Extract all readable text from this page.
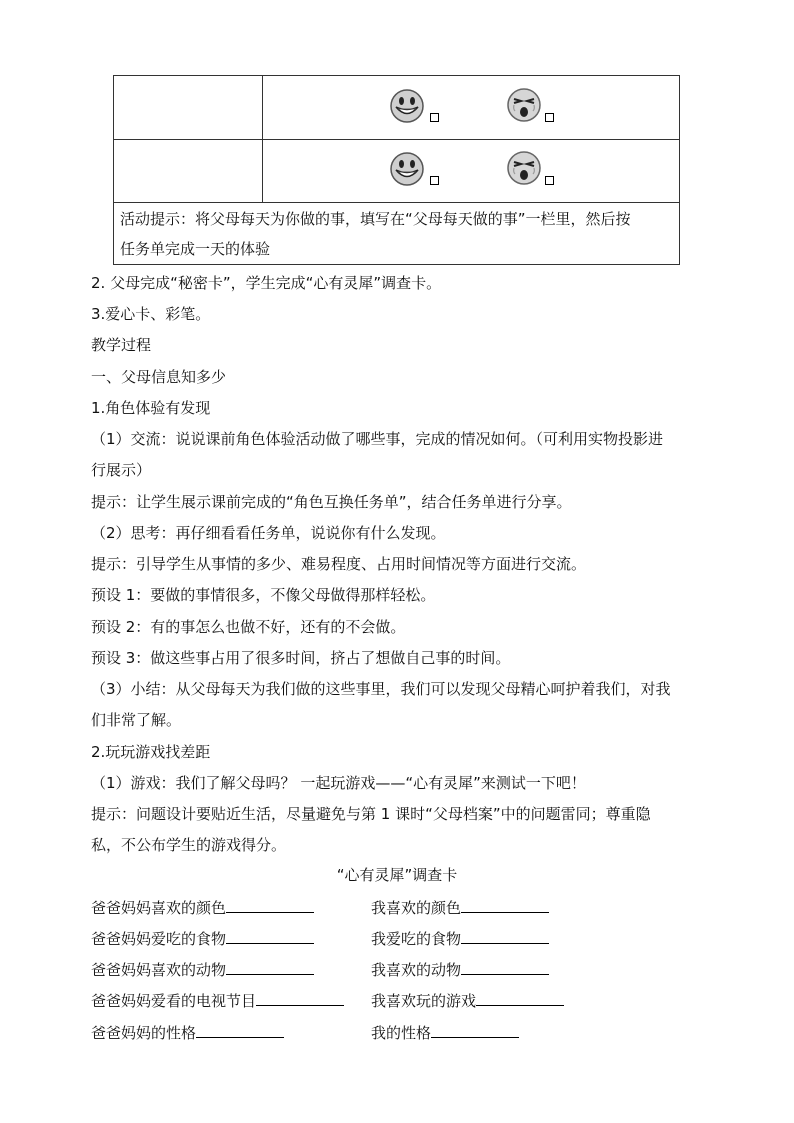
活动提示：将父母每天为你做的事，填写在“父母每天做的事”一栏里，然后按
任务单完成一天的体验
2. 父母完成“秘密卡”，学生完成“心有灵犀”调查卡。
3.爱心卡、彩笔。
教学过程
一、父母信息知多少
1.角色体验有发现
（1）交流：说说课前角色体验活动做了哪些事，完成的情况如何。（可利用实物投影进
行展示）
提示：让学生展示课前完成的“角色互换任务单”，结合任务单进行分享。
（2）思考：再仔细看看任务单，说说你有什么发现。
提示：引导学生从事情的多少、难易程度、占用时间情况等方面进行交流。
预设 1：要做的事情很多，不像父母做得那样轻松。
预设 2：有的事怎么也做不好，还有的不会做。
预设 3：做这些事占用了很多时间，挤占了想做自己事的时间。
（3）小结：从父母每天为我们做的这些事里，我们可以发现父母精心呵护着我们，对我
们非常了解。
2.玩玩游戏找差距
（1）游戏：我们了解父母吗？ 一起玩游戏——“心有灵犀”来测试一下吧！
提示：问题设计要贴近生活，尽量避免与第 1 课时“父母档案”中的问题雷同；尊重隐
私，不公布学生的游戏得分。
“心有灵犀”调查卡
爸爸妈妈喜欢的颜色	我喜欢的颜色
爸爸妈妈爱吃的食物	我爱吃的食物
爸爸妈妈喜欢的动物	我喜欢的动物
爸爸妈妈爱看的电视节目	我喜欢玩的游戏
爸爸妈妈的性格	我的性格
